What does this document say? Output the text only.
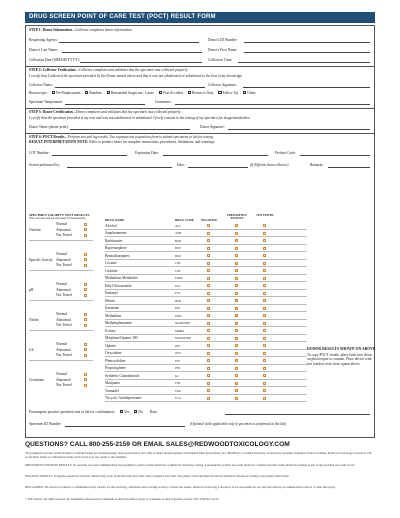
DRUG SCREEN POINT OF CARE TEST (POCT) RESULT FORM
STEP 1: Donor Information—Collector completes donor information.
Requesting Agency:	Donor's ID Number:
Donor's Last Name:	Donor's First Name:
Collection Date (MM/DD/YYYY):	Collection Time:
STEP 2: Collector Verification—Collector completes and validates that the specimen was collected properly.
I certify that I collected the specimen provided by the Donor named above and that it was not adulterated or substituted to the best of my knowledge.
Collector Name:	Collector Signature:
Reason type: Pre-Employment	Random	Reasonable Suspicion / Cause	Post Accident	Return to Duty	Follow Up	Other:
Specimen Temperature:	Comments:
STEP 3: Donor Certification—Donor completes and validates that the specimen was collected properly.
I certify that the specimen provided is my own and was not adulterated or substituted. I freely consent to the testing of my specimen for drugs/metabolites.
Donor Name (please print):	Donor Signature:
STEP 4: POCT Results—Perform test and log results. Use separate test requisition form to submit specimens to lab for testing.
RESULT INTERPRETATION NOTE: Refer to product insert for complete instructions, procedures, limitations, and warnings.
LOT Number:	Expiration Date:	Product Code:
Screen performed by:	Date:	(If different than collector)	Remarks:
SPECIMEN VALIDITY TEST RESULTS
(Use color chart and test strip insert for interpretation)
Oxidant
Normal
Abnormal
Not Tested
Specific Gravity
Normal
Abnormal
Not Tested
pH
Normal
Abnormal
Not Tested
Nitrite
Normal
Abnormal
Not Tested
Glt
Normal
Abnormal
Not Tested
Creatinine
Normal
Abnormal
Not Tested
DRUG NAME	DRUG CODE NEGATIVE
PRESUMPTIVE POSITIVE
NOT TESTED
Alcohol	ALC
Amphetamines	AMP
Barbiturates	BAR
Buprenorphine	BUP
Benzodiazepines	BZO
Cocaine	COC
Cotinine	COT
Methadone Metabolite	EDDP
Ethyl Glucuronide	ETG
Fentanyl	FYL
Heroin	HER
Ketamine	KET
Methadone	MTD
Methamphetamine	mAMP/MET
Ecstasy	MDMA
Morphine/Opiates 300	MOP/OPI300
Opiates	OPI
Oxycodone	OXY
Phencyclidine	PCP
Propoxyphene	PPX
Synthetic Cannabinoids	K2
Marijuana	THC
Tramadol	TRA
Tricyclic Antidepressants	TCA
DONOR RESULTS SHOWN ON ABOVE
To copy POCT results, place form face down on photocopier or scanner. Place device with test window over clear square above.
Presumptive positive specimen sent to lab for confirmation:	Yes	No Date:
Specimen ID Number:	(Optional field applicable only if specimen is confirmed at the lab)
QUESTIONS? CALL 800-255-2159 OR EMAIL SALES@REDWOODTOXICOLOGY.COM
*If presumptive positive results should be confirmed using gas chromatography /mass spectrometry (GC-MS) or liquid chromatography with Tandem Mass Spectrometry (LC-MS/MS) in a certified laboratory. A laboratory specimen requisition form is available. Redwood Toxicology Laboratory will accept these forms as confirmation results and forward your test results to the submitter.
PRESUMPTIVE POSITIVE RESULTS: No rationale was used communicating all presumptive positive results should be confirmed by laboratory testing. A presumptive positive test result should be confirmed and the results should be retained as part of the specimen test result record.
NEGATIVE RESULTS: If negative results are observed, dilution may occur in the lab result and could create a negative test result. The quality of the specimen and the test should be checked according to the product instructions.
DISCLAIMER: The donor's provided is a commitment in my capacity for the reporting, compliance and recording accuracy of these test results. Redwood Toxicology Laboratory is not responsible for any test performed by an unauthorized collector or other third party.
© 2022 Abbott. All rights reserved. All trademarks referenced are trademarks of either the Abbott group of companies or their respective owners. POC-1000 Rev 02/22
